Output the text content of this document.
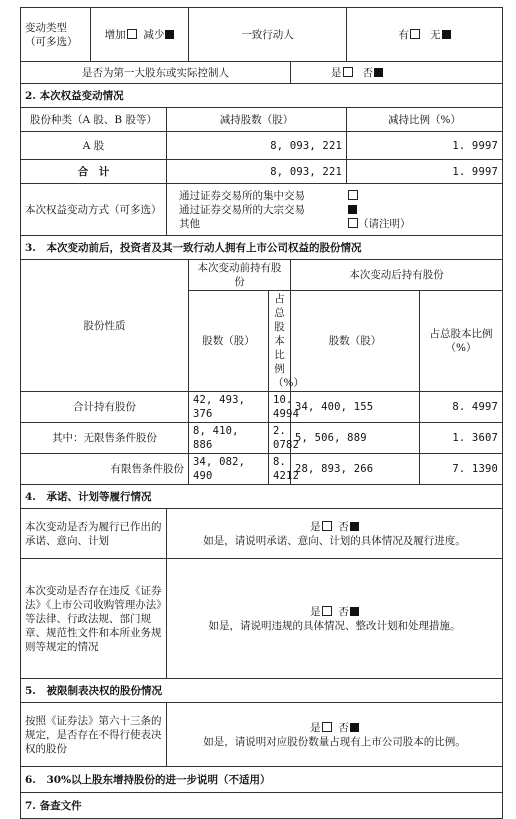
变动类型（可多选）	增加 减少		一致行动人			有 无	
是否为第一大股东或实际控制人					是 否		
2. 本次权益变动情况							
股份种类（A 股、B 股等）		减持股数（股）				减持比例（%）	
A 股		8, 093, 221				1. 9997	
合　计		8, 093, 221				1. 9997	
本次权益变动方式（可多选）		通过证券交易所的集中交易
通过证券交易所的大宗交易
其他 （请注明）					

3.　本次变动前后，投资者及其一致行动人拥有上市公司权益的股份情况							
股份性质			本次变动前持有股份		本次变动后持有股份		
			股数（股）	占总股本比例（%）	股数（股）		占总股本比例（%）
合计持有股份			42, 493, 376	10. 4994	34, 400, 155		8. 4997
其中：无限售条件股份			8, 410, 886	2. 0782	5, 506, 889		1. 3607
有限售条件股份			34, 082, 490	8. 4212	28, 893, 266		7. 1390
4.　承诺、计划等履行情况							
本次变动是否为履行已作出的承诺、意向、计划		是 否
如是，请说明承诺、意向、计划的具体情况及履行进度。					

本次变动是否存在违反《证券法》《上市公司收购管理办法》等法律、行政法规、部门规章、规范性文件和本所业务规则等规定的情况		是 否
如是，请说明违规的具体情况、整改计划和处理措施。					

5.　被限制表决权的股份情况							
按照《证券法》第六十三条的规定，是否存在不得行使表决权的股份		是 否
如是，请说明对应股份数量占现有上市公司股本的比例。					

6.　30%以上股东增持股份的进一步说明（不适用）							
7. 备查文件							
